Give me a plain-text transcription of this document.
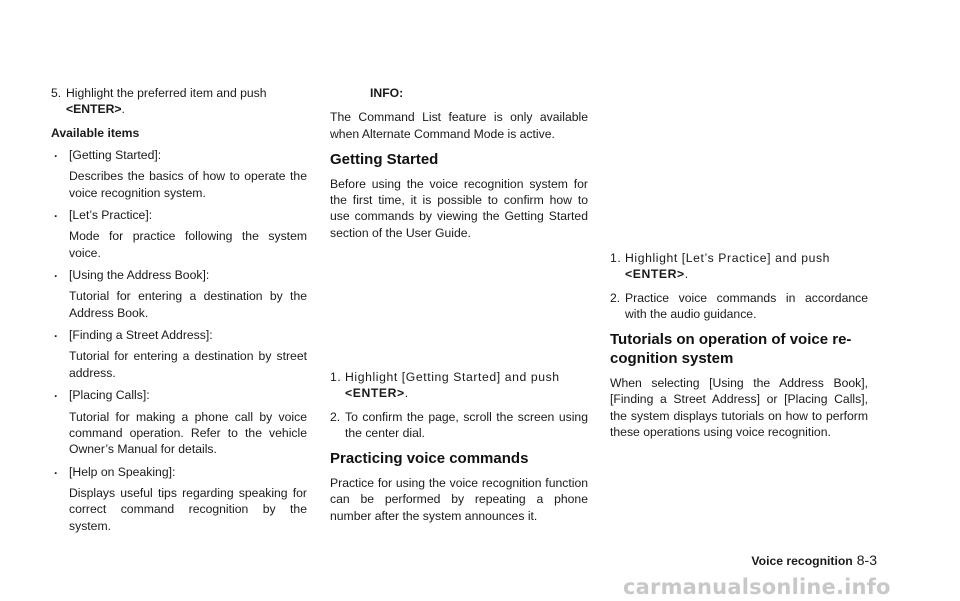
5. Highlight the preferred item and push
<ENTER>.

Available items

. [Getting Started]:

Describes the basics of how to operate the voice recognition system.

. [Let’s Practice]:

Mode for practice following the system voice.

. [Using the Address Book]:

Tutorial for entering a destination by the Address Book.

. [Finding a Street Address]:

Tutorial for entering a destination by street address.

. [Placing Calls]:

Tutorial for making a phone call by voice command operation. Refer to the vehicle Owner’s Manual for details.

. [Help on Speaking]:

Displays useful tips regarding speaking for correct command recognition by the system.

INFO:

The Command List feature is only available when Alternate Command Mode is active.

Getting Started

Before using the voice recognition system for the first time, it is possible to confirm how to use commands by viewing the Getting Started section of the User Guide.

1. Highlight [Getting Started] and push
<ENTER>.
2. To confirm the page, scroll the screen using the center dial.
Practicing voice commands

Practice for using the voice recognition function can be performed by repeating a phone number after the system announces it.

1. Highlight [Let’s Practice] and push
<ENTER>.
2. Practice voice commands in accordance with the audio guidance.
Tutorials on operation of voice re-cognition system

When selecting [Using the Address Book], [Finding a Street Address] or [Placing Calls], the system displays tutorials on how to perform these operations using voice recognition.

Voice recognition 8-3
carmanualsonline.info
